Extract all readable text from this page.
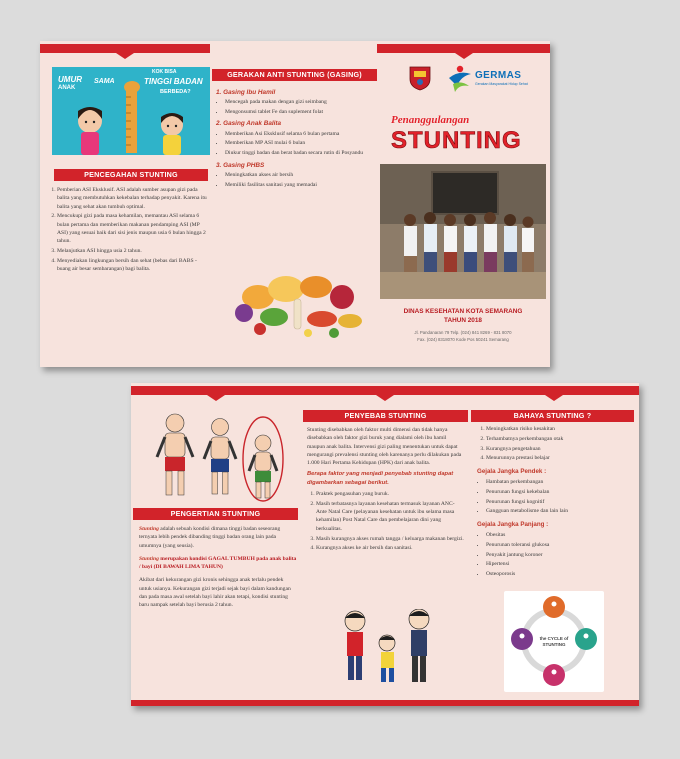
UMUR
ANAK
SAMA
KOK BISA
TINGGI BADAN
BERBEDA?
PENCEGAHAN STUNTING
1. Pemberian ASI Eksklusif. ASI adalah sumber asupan gizi pada balita yang membutuhkan kekebalan terhadap penyakit. Karena itu balita yang sehat akan tumbuh optimal.
2. Mencukupi gizi pada masa kehamilan, memantau ASI selama 6 bulan pertama dan memberikan makanan pendamping ASI (MP ASI) yang sesuai baik dari sisi jenis maupun usia 6 bulan hingga 2 tahun.
3. Melanjutkan ASI hingga usia 2 tahun.
4. Menyediakan lingkungan bersih dan sehat (bebas dari BABS - buang air besar sembarangan) bagi balita.
GERAKAN ANTI STUNTING (GASING)
1. Gasing Ibu Hamil
• Mencegah pada makan dengan gizi seimbang
• Mengonsumsi tablet Fe dan suplement folat
2. Gasing Anak Balita
• Memberikan Asi Eksklusif selama 6 bulan pertama
• Memberikan MP ASI mulai 6 bulan
• Diukur tinggi badan dan berat badan secara rutin di Posyandu
3. Gasing PHBS
• Meningkatkan akses air bersih
• Memiliki fasilitas sanitasi yang memadai
GERMAS
Gerakan Masyarakat Hidup Sehat
Penanggulangan
STUNTING
DINAS KESEHATAN KOTA SEMARANG
TAHUN 2018
Jl. Pandanaran 79 Telp. (024) 841 8269 - 831 8070
Fax. (024) 8318070 Kode Pos 50241 Semarang
PENGERTIAN STUNTING

Stunting adalah sebuah kondisi dimana tinggi badan seseorang ternyata lebih pendek dibanding tinggi badan orang lain pada umumnya (yang seusia).

Stunting merupakan kondisi GAGAL TUMBUH pada anak balita / bayi (DI BAWAH LIMA TAHUN)

Akibat dari kekurangan gizi kronis sehingga anak terlalu pendek untuk usianya. Kekurangan gizi terjadi sejak bayi dalam kandungan dan pada masa awal setelah bayi lahir akan tetapi, kondisi stunting baru nampak setelah bayi berusia 2 tahun.

PENYEBAB STUNTING

Stunting disebabkan oleh faktor multi dimensi dan tidak hanya disebabkan oleh faktor gizi buruk yang dialami oleh ibu hamil maupun anak balita. Intervensi gizi paling menentukan untuk dapat mengurangi prevalensi stunting oleh karenanya perlu dilakukan pada 1.000 Hari Pertama Kehidupan (HPK) dari anak balita.

Berapa faktor yang menjadi penyebab stunting dapat digambarkan sebagai berikut.

1. Praktek pengasuhan yang buruk.
2. Masih terbatasnya layanan kesehatan termasuk layanan ANC-Ante Natal Care (pelayanan kesehatan untuk ibu selama masa kehamilan) Post Natal Care dan pembelajaran dini yang berkualitas.
3. Masih kurangnya akses rumah tangga / keluarga makanan bergizi.
4. Kurangnya akses ke air bersih dan sanitasi.
BAHAYA STUNTING ?
1. Meningkatkan risiko kesakitan
2. Terhambatnya perkembangan otak
3. Kurangnya pengetahuan
4. Menurunnya prestasi belajar
Gejala Jangka Pendek :
• Hambatan perkembangan
• Penurunan fungsi kekebalan
• Penurunan fungsi kognitif
• Gangguan metabolisme dan lain lain
Gejala Jangka Panjang :
• Obesitas
• Penurunan toleransi glukosa
• Penyakit jantung koroner
• Hipertensi
• Osteoporosis
the CYCLE of STUNTING
